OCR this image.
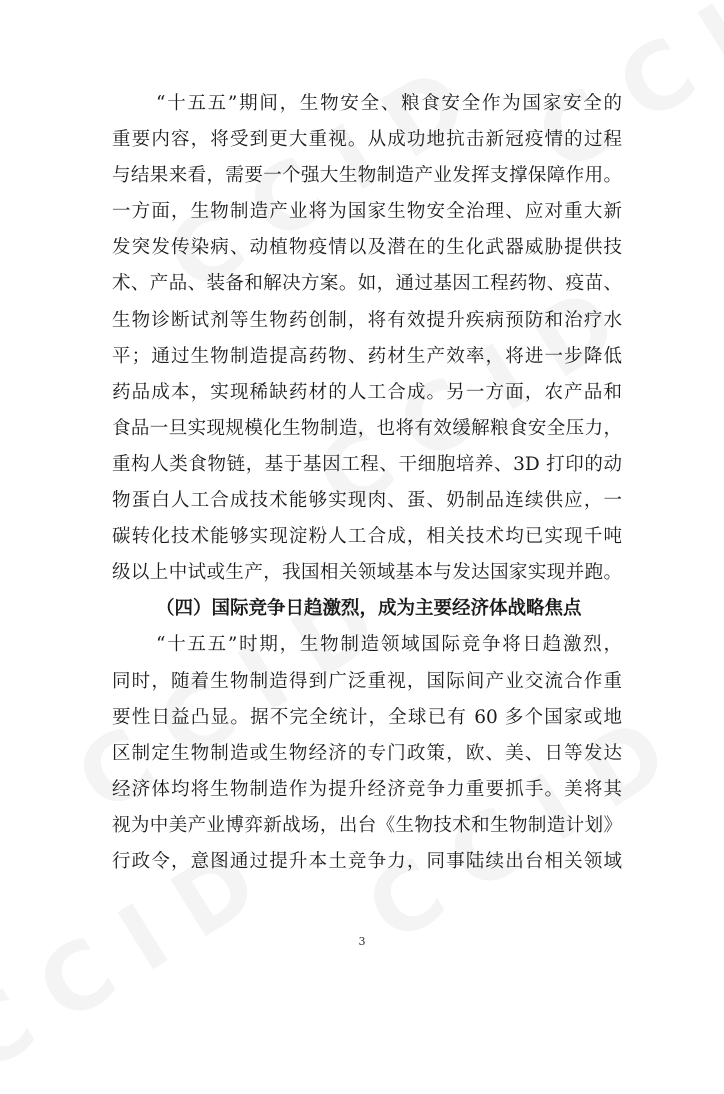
“十五五”期间，生物安全、粮食安全作为国家安全的
重要内容，将受到更大重视。从成功地抗击新冠疫情的过程
与结果来看，需要一个强大生物制造产业发挥支撑保障作用。
一方面，生物制造产业将为国家生物安全治理、应对重大新
发突发传染病、动植物疫情以及潜在的生化武器威胁提供技
术、产品、装备和解决方案。如，通过基因工程药物、疫苗、
生物诊断试剂等生物药创制，将有效提升疾病预防和治疗水
平；通过生物制造提高药物、药材生产效率，将进一步降低
药品成本，实现稀缺药材的人工合成。另一方面，农产品和
食品一旦实现规模化生物制造，也将有效缓解粮食安全压力，
重构人类食物链，基于基因工程、干细胞培养、3D 打印的动
物蛋白人工合成技术能够实现肉、蛋、奶制品连续供应，一
碳转化技术能够实现淀粉人工合成，相关技术均已实现千吨
级以上中试或生产，我国相关领域基本与发达国家实现并跑。
（四）国际竞争日趋激烈，成为主要经济体战略焦点
“十五五”时期，生物制造领域国际竞争将日趋激烈，
同时，随着生物制造得到广泛重视，国际间产业交流合作重
要性日益凸显。据不完全统计，全球已有 60 多个国家或地
区制定生物制造或生物经济的专门政策，欧、美、日等发达
经济体均将生物制造作为提升经济竞争力重要抓手。美将其
视为中美产业博弈新战场，出台《生物技术和生物制造计划》
行政令，意图通过提升本土竞争力，同事陆续出台相关领域
3
